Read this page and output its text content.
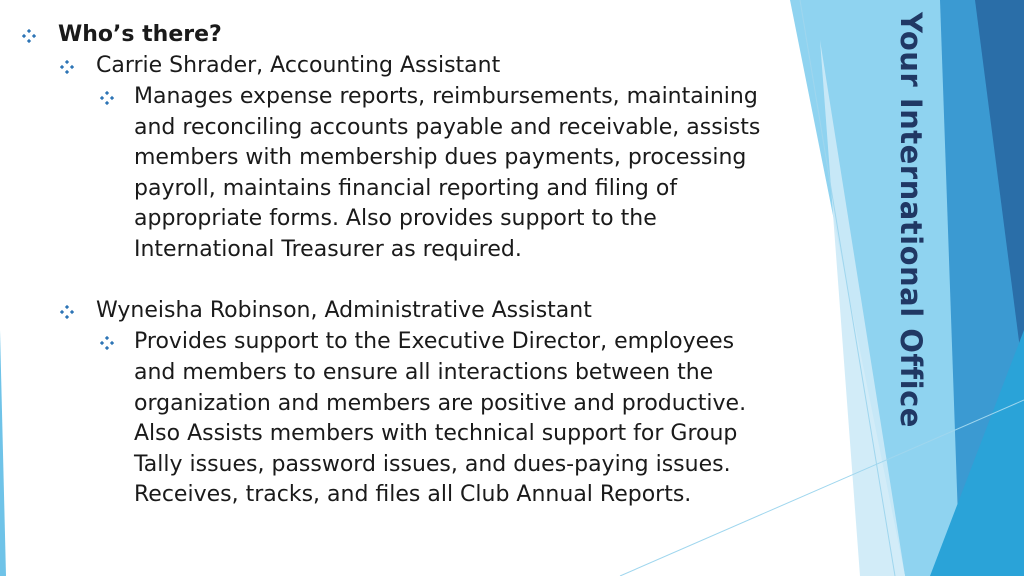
Who’s there?
Carrie Shrader, Accounting Assistant
Manages expense reports, reimbursements, maintaining
and reconciling accounts payable and receivable, assists
members with membership dues payments, processing
payroll, maintains financial reporting and filing of
appropriate forms. Also provides support to the
International Treasurer as required.
Wyneisha Robinson, Administrative Assistant
Provides support to the Executive Director, employees
and members to ensure all interactions between the
organization and members are positive and productive.
Also Assists members with technical support for Group
Tally issues, password issues, and dues-paying issues.
Receives, tracks, and files all Club Annual Reports.
Your International Office
